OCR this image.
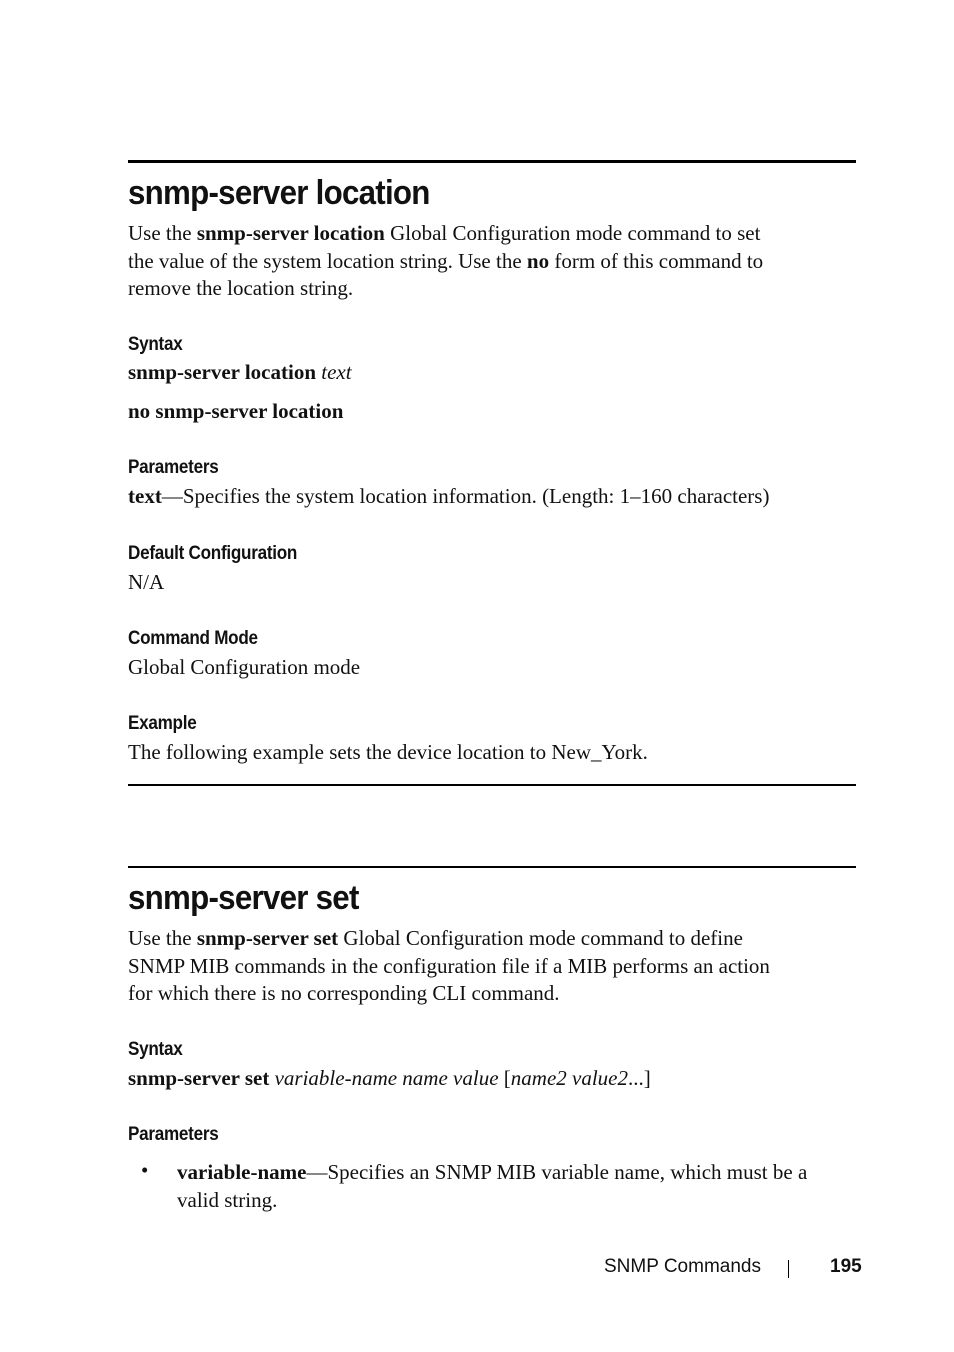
snmp-server location
Use the snmp-server location Global Configuration mode command to set
the value of the system location string. Use the no form of this command to
remove the location string.
Syntax
snmp-server location text
no snmp-server location
Parameters
text—Specifies the system location information. (Length: 1–160 characters)
Default Configuration
N/A
Command Mode
Global Configuration mode
Example
The following example sets the device location to New_York.
snmp-server set
Use the snmp-server set Global Configuration mode command to define
SNMP MIB commands in the configuration file if a MIB performs an action
for which there is no corresponding CLI command.
Syntax
snmp-server set variable-name name value [name2 value2...]
Parameters
• variable-name—Specifies an SNMP MIB variable name, which must be a
valid string.
SNMP Commands	195
